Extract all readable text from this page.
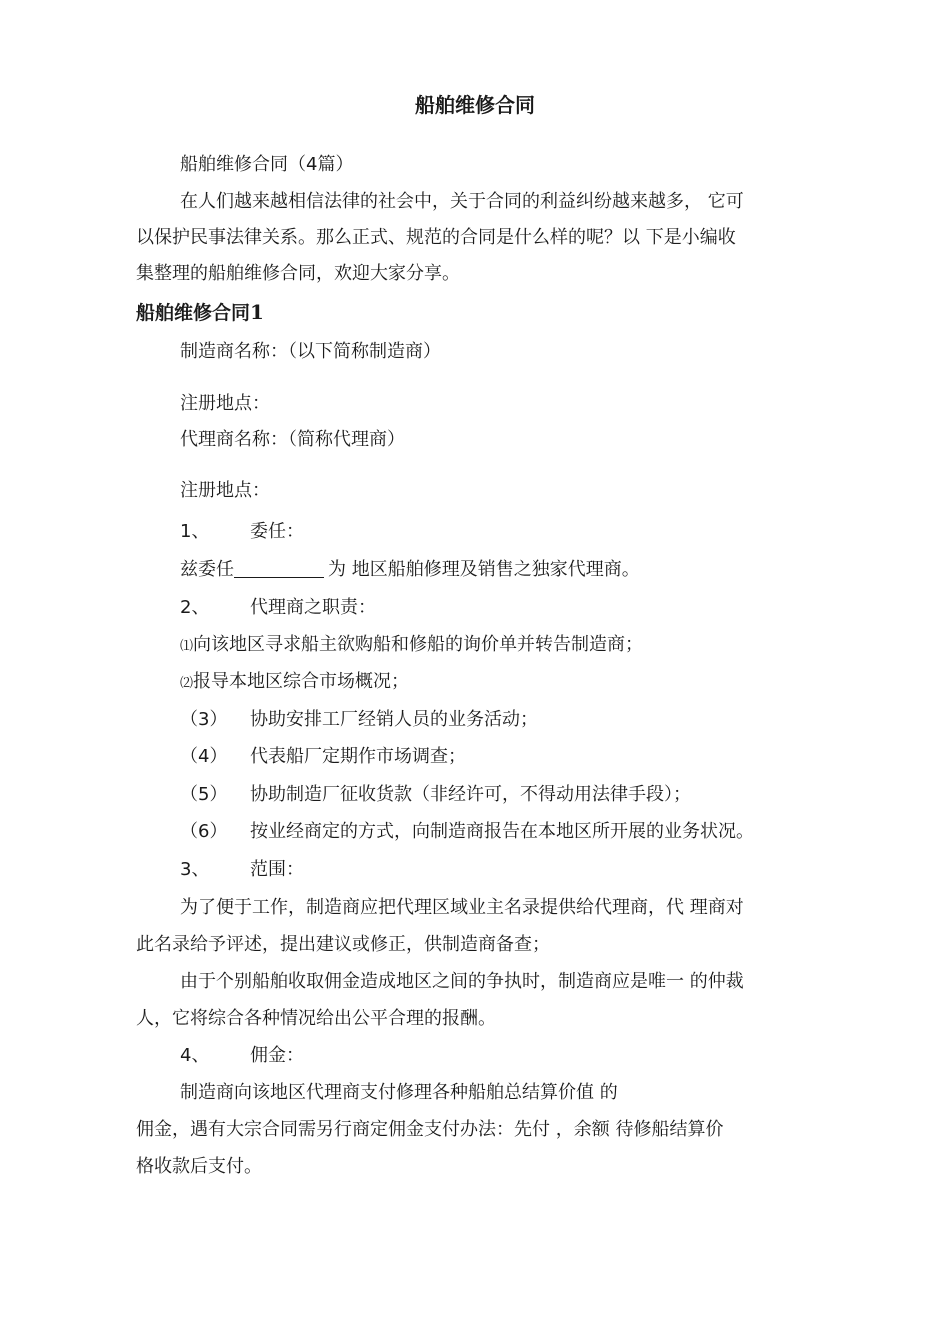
船舶维修合同
船舶维修合同（4篇）
在人们越来越相信法律的社会中，关于合同的利益纠纷越来越多， 它可
以保护民事法律关系。那么正式、规范的合同是什么样的呢？以 下是小编收
集整理的船舶维修合同，欢迎大家分享。
船舶维修合同1
制造商名称：（以下简称制造商）
注册地点：
代理商名称：（简称代理商）
注册地点：
1、 委任：
兹委任	为 地区船舶修理及销售之独家代理商。
2、 代理商之职责：
⑴向该地区寻求船主欲购船和修船的询价单并转告制造商；
⑵报导本地区综合市场概况；
（3） 协助安排工厂经销人员的业务活动；
（4） 代表船厂定期作市场调查；
（5） 协助制造厂征收货款（非经许可，不得动用法律手段）；
（6） 按业经商定的方式，向制造商报告在本地区所开展的业务状况。
3、 范围：
为了便于工作，制造商应把代理区域业主名录提供给代理商，代 理商对
此名录给予评述，提出建议或修正，供制造商备查；
由于个别船舶收取佣金造成地区之间的争执时，制造商应是唯一 的仲裁
人，它将综合各种情况给出公平合理的报酬。
4、 佣金：
制造商向该地区代理商支付修理各种船舶总结算价值 的
佣金，遇有大宗合同需另行商定佣金支付办法：先付 ，余额 待修船结算价
格收款后支付。
